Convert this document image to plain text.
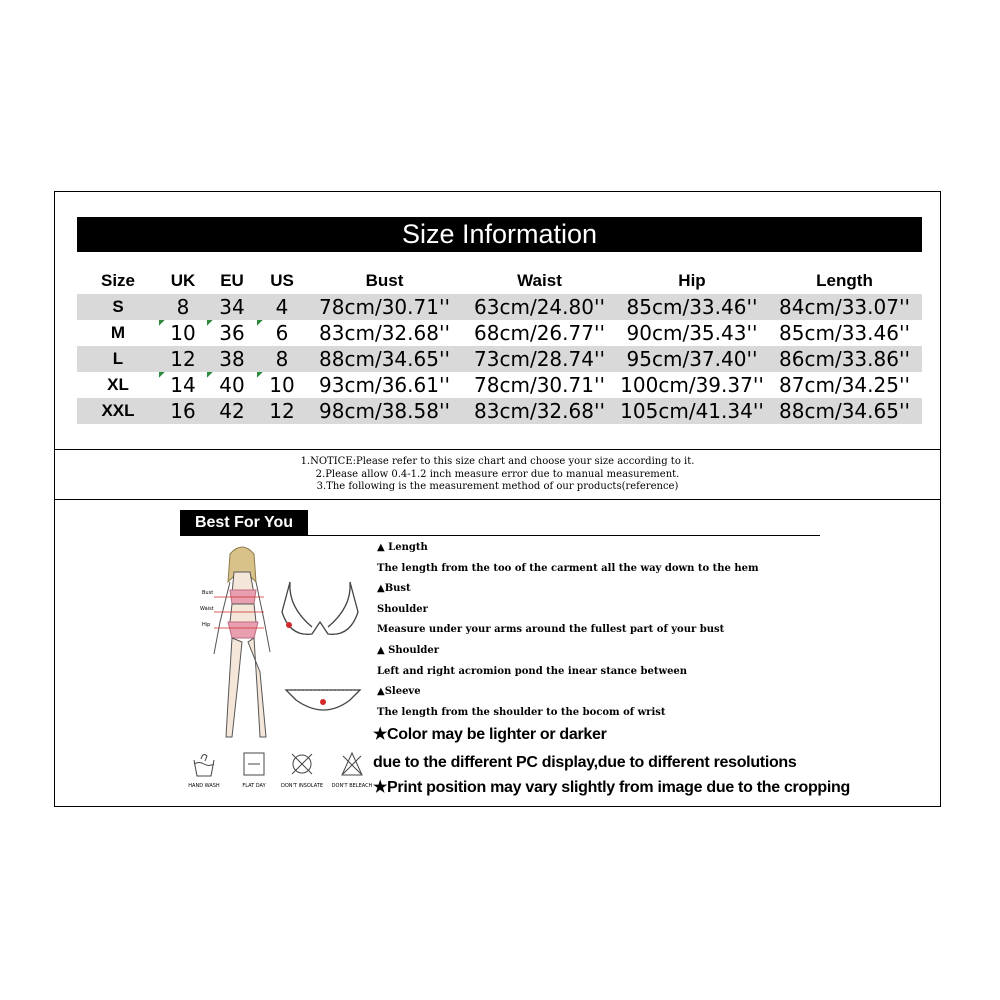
Size Information
Size	UK	EU	US	Bust	Waist	Hip	Length
S	8	34	4	78cm/30.71''	63cm/24.80''	85cm/33.46''	84cm/33.07''
M	10	36	6	83cm/32.68''	68cm/26.77''	90cm/35.43''	85cm/33.46''
L	12	38	8	88cm/34.65''	73cm/28.74''	95cm/37.40''	86cm/33.86''
XL	14	40	10	93cm/36.61''	78cm/30.71''	100cm/39.37''	87cm/34.25''
XXL	16	42	12	98cm/38.58''	83cm/32.68''	105cm/41.34''	88cm/34.65''
1.NOTICE:Please refer to this size chart and choose your size according to it.
2.Please allow 0.4-1.2 inch measure error due to manual measurement.
3.The following is the measurement method of our products(reference)
Best For You
Bust
Waist
Hip
▲ Length
The length from the too of the carment all the way down to the hem
▲Bust
Shoulder
Measure under your arms around the fullest part of your bust
▲ Shoulder
Left and right acromion pond the inear stance between
▲Sleeve
The length from the shoulder to the bocom of wrist
★Color may be lighter or darker
due to the different PC display,due to different resolutions
★Print position may vary slightly from image due to the cropping
HAND WASH	FLAT DAY	DON'T INSOLATE	DON'T BELEACH
